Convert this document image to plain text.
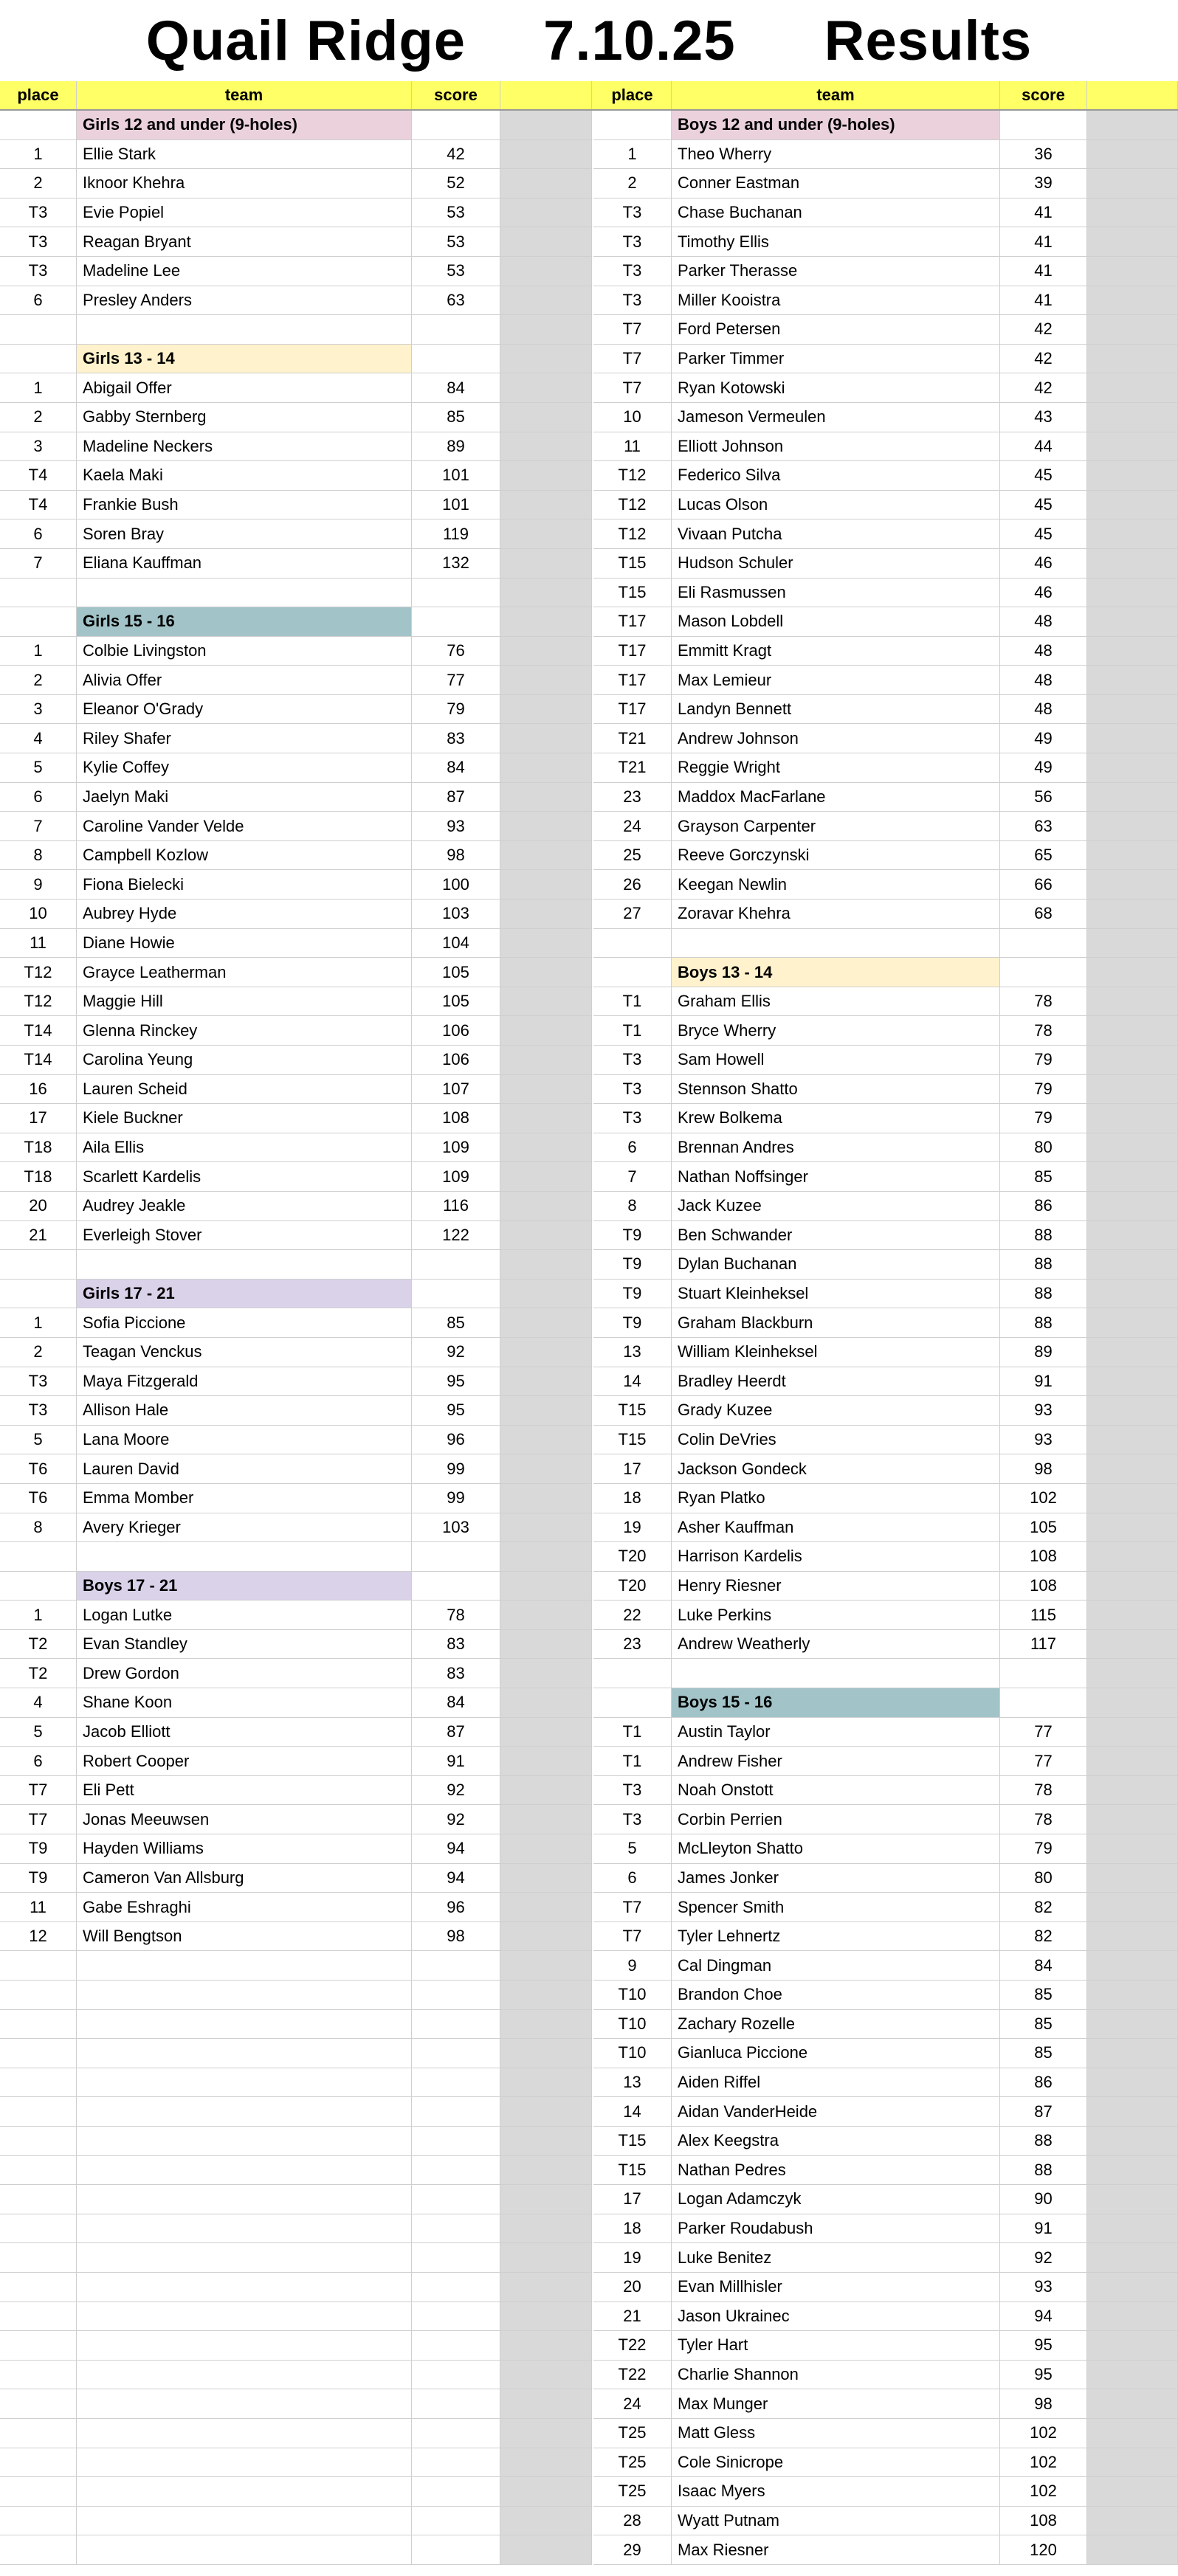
Quail Ridge 7.10.25 Results
place	team	score
Girls 12 and under (9-holes)
1	Ellie Stark	42
2	Iknoor Khehra	52
T3	Evie Popiel	53
T3	Reagan Bryant	53
T3	Madeline Lee	53
6	Presley Anders	63
Girls 13 - 14
1	Abigail Offer	84
2	Gabby Sternberg	85
3	Madeline Neckers	89
T4	Kaela Maki	101
T4	Frankie Bush	101
6	Soren Bray	119
7	Eliana Kauffman	132
Girls 15 - 16
1	Colbie Livingston	76
2	Alivia Offer	77
3	Eleanor O'Grady	79
4	Riley Shafer	83
5	Kylie Coffey	84
6	Jaelyn Maki	87
7	Caroline Vander Velde	93
8	Campbell Kozlow	98
9	Fiona Bielecki	100
10	Aubrey Hyde	103
11	Diane Howie	104
T12	Grayce Leatherman	105
T12	Maggie Hill	105
T14	Glenna Rinckey	106
T14	Carolina Yeung	106
16	Lauren Scheid	107
17	Kiele Buckner	108
T18	Aila Ellis	109
T18	Scarlett Kardelis	109
20	Audrey Jeakle	116
21	Everleigh Stover	122
Girls 17 - 21
1	Sofia Piccione	85
2	Teagan Venckus	92
T3	Maya Fitzgerald	95
T3	Allison Hale	95
5	Lana Moore	96
T6	Lauren David	99
T6	Emma Momber	99
8	Avery Krieger	103
Boys 17 - 21
1	Logan Lutke	78
T2	Evan Standley	83
T2	Drew Gordon	83
4	Shane Koon	84
5	Jacob Elliott	87
6	Robert Cooper	91
T7	Eli Pett	92
T7	Jonas Meeuwsen	92
T9	Hayden Williams	94
T9	Cameron Van Allsburg	94
11	Gabe Eshraghi	96
12	Will Bengtson	98
place	team	score
Boys 12 and under (9-holes)
1	Theo Wherry	36
2	Conner Eastman	39
T3	Chase Buchanan	41
T3	Timothy Ellis	41
T3	Parker Therasse	41
T3	Miller Kooistra	41
T7	Ford Petersen	42
T7	Parker Timmer	42
T7	Ryan Kotowski	42
10	Jameson Vermeulen	43
11	Elliott Johnson	44
T12	Federico Silva	45
T12	Lucas Olson	45
T12	Vivaan Putcha	45
T15	Hudson Schuler	46
T15	Eli Rasmussen	46
T17	Mason Lobdell	48
T17	Emmitt Kragt	48
T17	Max Lemieur	48
T17	Landyn Bennett	48
T21	Andrew Johnson	49
T21	Reggie Wright	49
23	Maddox MacFarlane	56
24	Grayson Carpenter	63
25	Reeve Gorczynski	65
26	Keegan Newlin	66
27	Zoravar Khehra	68
Boys 13 - 14
T1	Graham Ellis	78
T1	Bryce Wherry	78
T3	Sam Howell	79
T3	Stennson Shatto	79
T3	Krew Bolkema	79
6	Brennan Andres	80
7	Nathan Noffsinger	85
8	Jack Kuzee	86
T9	Ben Schwander	88
T9	Dylan Buchanan	88
T9	Stuart Kleinheksel	88
T9	Graham Blackburn	88
13	William Kleinheksel	89
14	Bradley Heerdt	91
T15	Grady Kuzee	93
T15	Colin DeVries	93
17	Jackson Gondeck	98
18	Ryan Platko	102
19	Asher Kauffman	105
T20	Harrison Kardelis	108
T20	Henry Riesner	108
22	Luke Perkins	115
23	Andrew Weatherly	117
Boys 15 - 16
T1	Austin Taylor	77
T1	Andrew Fisher	77
T3	Noah Onstott	78
T3	Corbin Perrien	78
5	McLleyton Shatto	79
6	James Jonker	80
T7	Spencer Smith	82
T7	Tyler Lehnertz	82
9	Cal Dingman	84
T10	Brandon Choe	85
T10	Zachary Rozelle	85
T10	Gianluca Piccione	85
13	Aiden Riffel	86
14	Aidan VanderHeide	87
T15	Alex Keegstra	88
T15	Nathan Pedres	88
17	Logan Adamczyk	90
18	Parker Roudabush	91
19	Luke Benitez	92
20	Evan Millhisler	93
21	Jason Ukrainec	94
T22	Tyler Hart	95
T22	Charlie Shannon	95
24	Max Munger	98
T25	Matt Gless	102
T25	Cole Sinicrope	102
T25	Isaac Myers	102
28	Wyatt Putnam	108
29	Max Riesner	120
